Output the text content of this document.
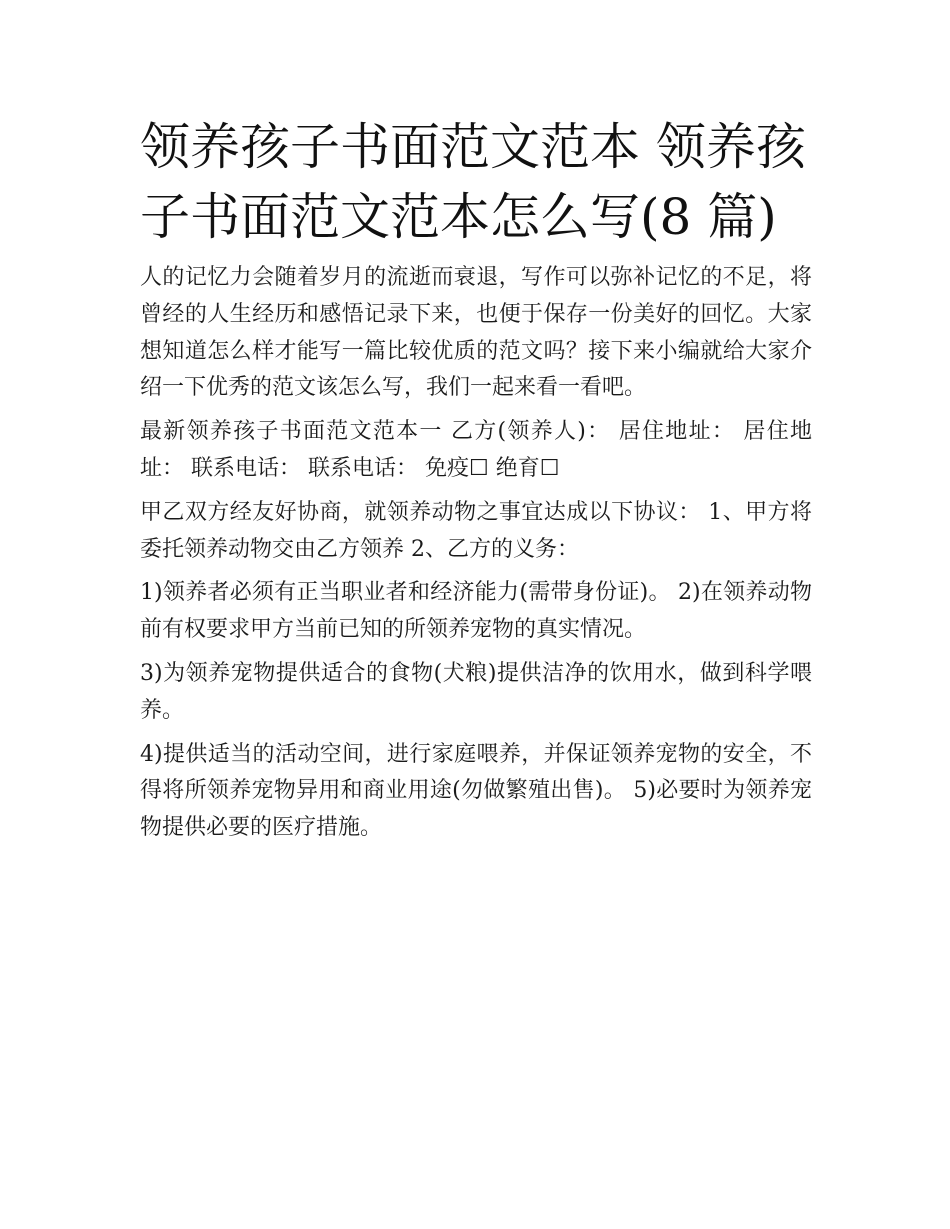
领养孩子书面范文范本 领养孩子书面范文范本怎么写(8 篇)

人的记忆力会随着岁月的流逝而衰退，写作可以弥补记忆的不足，将曾经的人生经历和感悟记录下来，也便于保存一份美好的回忆。大家想知道怎么样才能写一篇比较优质的范文吗？接下来小编就给大家介绍一下优秀的范文该怎么写，我们一起来看一看吧。

最新领养孩子书面范文范本一 乙方(领养人)： 居住地址： 居住地址： 联系电话： 联系电话： 免疫☐ 绝育☐

甲乙双方经友好协商，就领养动物之事宜达成以下协议： 1、甲方将委托领养动物交由乙方领养 2、乙方的义务：

1)领养者必须有正当职业者和经济能力(需带身份证)。 2)在领养动物前有权要求甲方当前已知的所领养宠物的真实情况。

3)为领养宠物提供适合的食物(犬粮)提供洁净的饮用水，做到科学喂养。

4)提供适当的活动空间，进行家庭喂养，并保证领养宠物的安全，不得将所领养宠物异用和商业用途(勿做繁殖出售)。 5)必要时为领养宠物提供必要的医疗措施。
